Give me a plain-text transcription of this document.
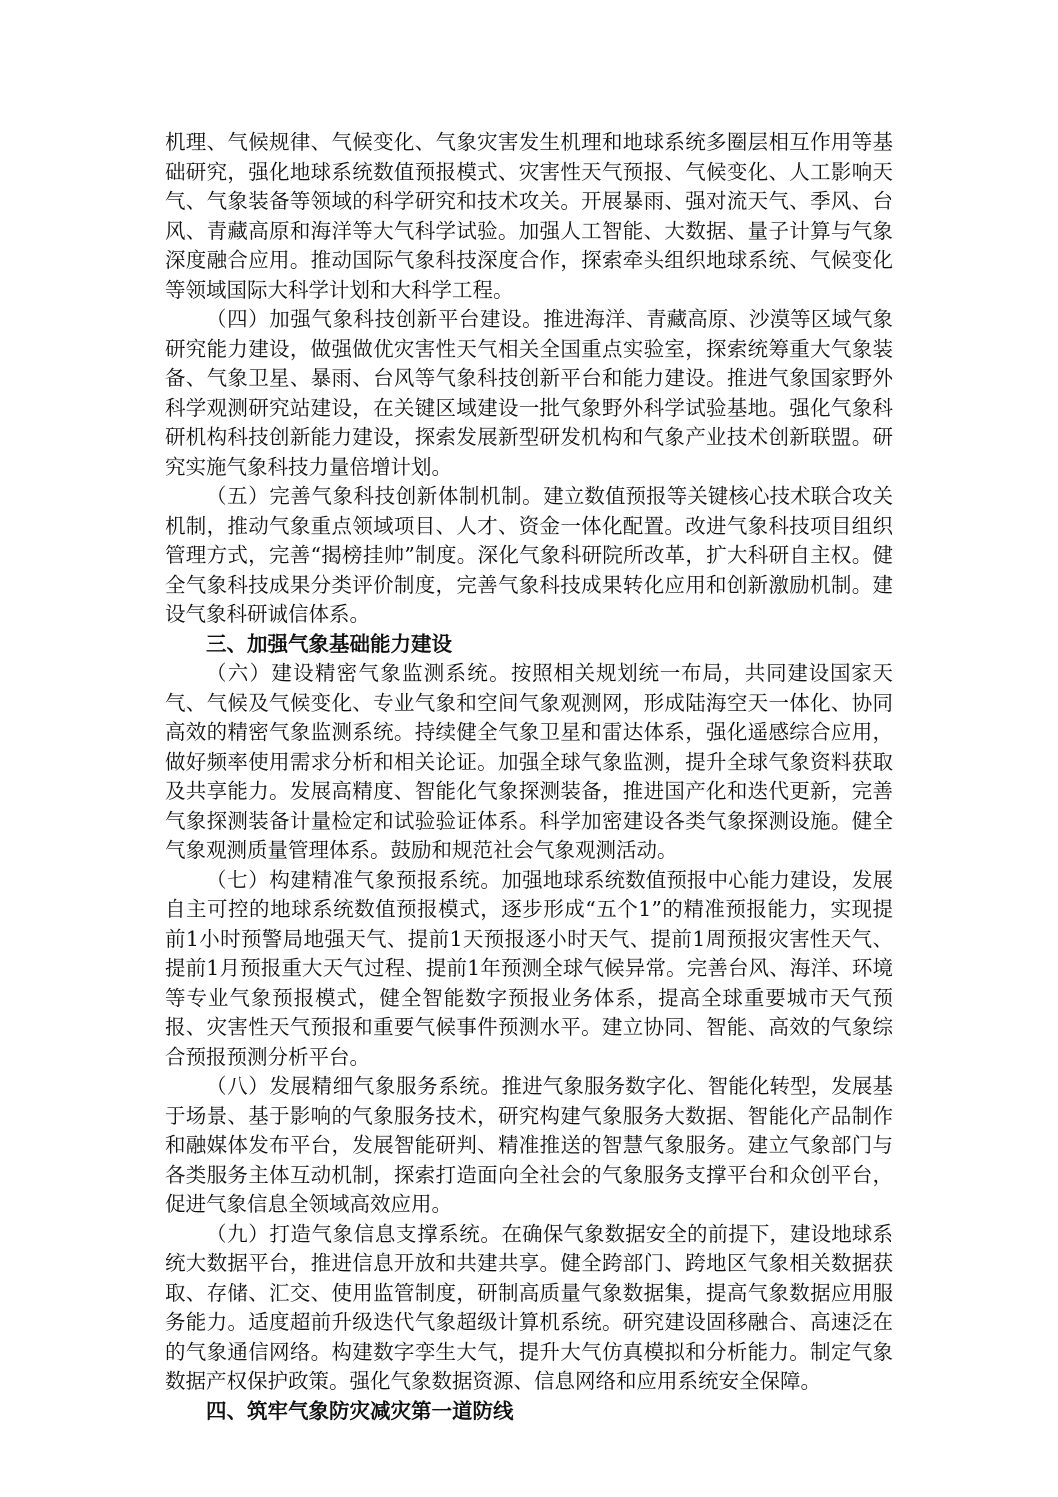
机理、气候规律、气候变化、气象灾害发生机理和地球系统多圈层相互作用等基础研究，强化地球系统数值预报模式、灾害性天气预报、气候变化、人工影响天气、气象装备等领域的科学研究和技术攻关。开展暴雨、强对流天气、季风、台风、青藏高原和海洋等大气科学试验。加强人工智能、大数据、量子计算与气象深度融合应用。推动国际气象科技深度合作，探索牵头组织地球系统、气候变化等领域国际大科学计划和大科学工程。

（四）加强气象科技创新平台建设。推进海洋、青藏高原、沙漠等区域气象研究能力建设，做强做优灾害性天气相关全国重点实验室，探索统筹重大气象装备、气象卫星、暴雨、台风等气象科技创新平台和能力建设。推进气象国家野外科学观测研究站建设，在关键区域建设一批气象野外科学试验基地。强化气象科研机构科技创新能力建设，探索发展新型研发机构和气象产业技术创新联盟。研究实施气象科技力量倍增计划。

（五）完善气象科技创新体制机制。建立数值预报等关键核心技术联合攻关机制，推动气象重点领域项目、人才、资金一体化配置。改进气象科技项目组织管理方式，完善“揭榜挂帅”制度。深化气象科研院所改革，扩大科研自主权。健全气象科技成果分类评价制度，完善气象科技成果转化应用和创新激励机制。建设气象科研诚信体系。

三、加强气象基础能力建设

（六）建设精密气象监测系统。按照相关规划统一布局，共同建设国家天气、气候及气候变化、专业气象和空间气象观测网，形成陆海空天一体化、协同高效的精密气象监测系统。持续健全气象卫星和雷达体系，强化遥感综合应用，做好频率使用需求分析和相关论证。加强全球气象监测，提升全球气象资料获取及共享能力。发展高精度、智能化气象探测装备，推进国产化和迭代更新，完善气象探测装备计量检定和试验验证体系。科学加密建设各类气象探测设施。健全气象观测质量管理体系。鼓励和规范社会气象观测活动。

（七）构建精准气象预报系统。加强地球系统数值预报中心能力建设，发展自主可控的地球系统数值预报模式，逐步形成“五个1”的精准预报能力，实现提前1小时预警局地强天气、提前1天预报逐小时天气、提前1周预报灾害性天气、提前1月预报重大天气过程、提前1年预测全球气候异常。完善台风、海洋、环境等专业气象预报模式，健全智能数字预报业务体系，提高全球重要城市天气预报、灾害性天气预报和重要气候事件预测水平。建立协同、智能、高效的气象综合预报预测分析平台。

（八）发展精细气象服务系统。推进气象服务数字化、智能化转型，发展基于场景、基于影响的气象服务技术，研究构建气象服务大数据、智能化产品制作和融媒体发布平台，发展智能研判、精准推送的智慧气象服务。建立气象部门与各类服务主体互动机制，探索打造面向全社会的气象服务支撑平台和众创平台，促进气象信息全领域高效应用。

（九）打造气象信息支撑系统。在确保气象数据安全的前提下，建设地球系统大数据平台，推进信息开放和共建共享。健全跨部门、跨地区气象相关数据获取、存储、汇交、使用监管制度，研制高质量气象数据集，提高气象数据应用服务能力。适度超前升级迭代气象超级计算机系统。研究建设固移融合、高速泛在的气象通信网络。构建数字孪生大气，提升大气仿真模拟和分析能力。制定气象数据产权保护政策。强化气象数据资源、信息网络和应用系统安全保障。

四、筑牢气象防灾减灾第一道防线
